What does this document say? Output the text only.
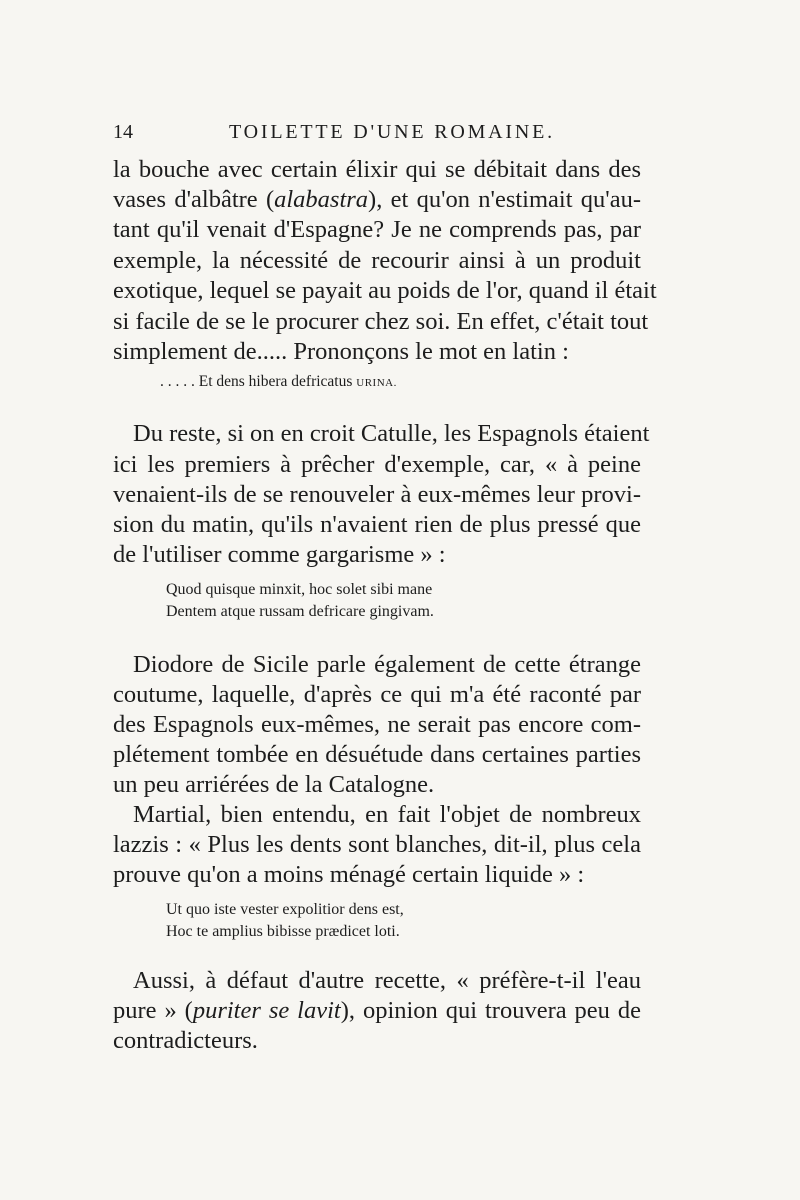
14	TOILETTE D'UNE ROMAINE.
la bouche avec certain élixir qui se débitait dans des
vases d'albâtre (alabastra), et qu'on n'estimait qu'au-
tant qu'il venait d'Espagne? Je ne comprends pas, par
exemple, la nécessité de recourir ainsi à un produit
exotique, lequel se payait au poids de l'or, quand il était
si facile de se le procurer chez soi. En effet, c'était tout
simplement de..... Prononçons le mot en latin :
. . . . . Et dens hibera defricatus URINA.
Du reste, si on en croit Catulle, les Espagnols étaient
ici les premiers à prêcher d'exemple, car, « à peine
venaient-ils de se renouveler à eux-mêmes leur provi-
sion du matin, qu'ils n'avaient rien de plus pressé que
de l'utiliser comme gargarisme » :
Quod quisque minxit, hoc solet sibi mane
Dentem atque russam defricare gingivam.
Diodore de Sicile parle également de cette étrange
coutume, laquelle, d'après ce qui m'a été raconté par
des Espagnols eux-mêmes, ne serait pas encore com-
plétement tombée en désuétude dans certaines parties
un peu arriérées de la Catalogne.
Martial, bien entendu, en fait l'objet de nombreux
lazzis : « Plus les dents sont blanches, dit-il, plus cela
prouve qu'on a moins ménagé certain liquide » :
Ut quo iste vester expolitior dens est,
Hoc te amplius bibisse prædicet loti.
Aussi, à défaut d'autre recette, « préfère-t-il l'eau
pure » (puriter se lavit), opinion qui trouvera peu de
contradicteurs.
